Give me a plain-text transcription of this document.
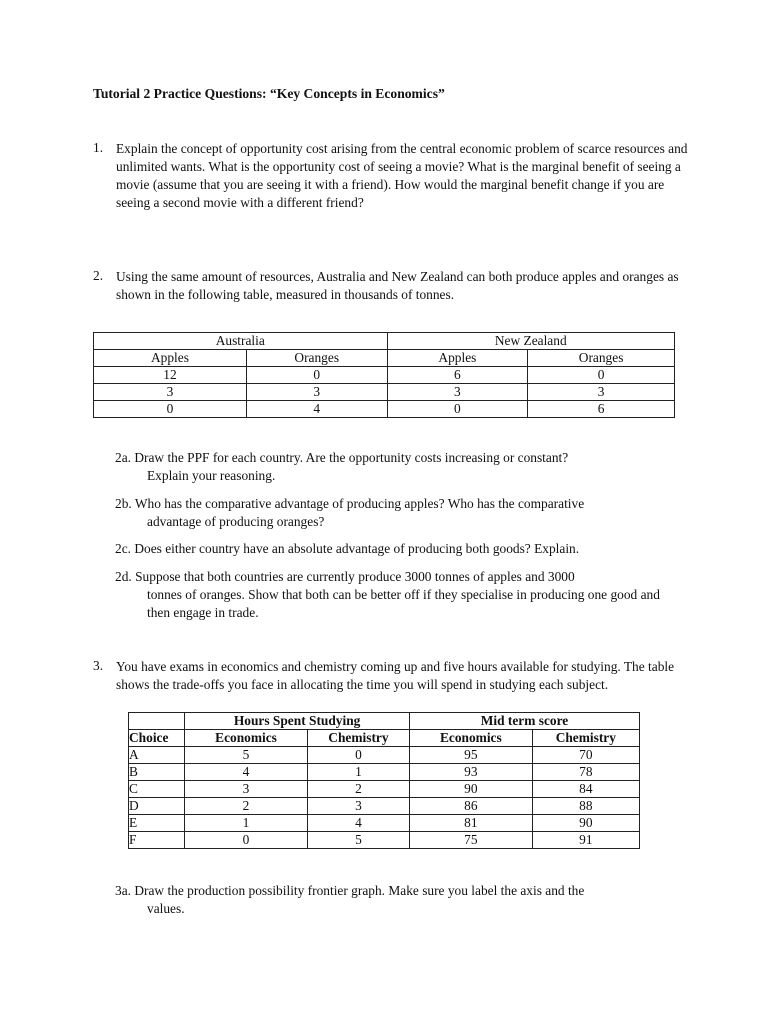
Tutorial 2 Practice Questions: “Key Concepts in Economics”
1. Explain the concept of opportunity cost arising from the central economic problem of scarce resources and unlimited wants. What is the opportunity cost of seeing a movie? What is the marginal benefit of seeing a movie (assume that you are seeing it with a friend). How would the marginal benefit change if you are seeing a second movie with a different friend?
2. Using the same amount of resources, Australia and New Zealand can both produce apples and oranges as shown in the following table, measured in thousands of tonnes.
Australia		New Zealand	
Apples	Oranges	Apples	Oranges
12	0	6	0
3	3	3	3
0	4	0	6
2a. Draw the PPF for each country. Are the opportunity costs increasing or constant?
Explain your reasoning.
2b. Who has the comparative advantage of producing apples? Who has the comparative
advantage of producing oranges?
2c. Does either country have an absolute advantage of producing both goods? Explain.
2d. Suppose that both countries are currently produce 3000 tonnes of apples and 3000
tonnes of oranges. Show that both can be better off if they specialise in producing one good and then engage in trade.
3. You have exams in economics and chemistry coming up and five hours available for studying. The table shows the trade-offs you face in allocating the time you will spend in studying each subject.
	Hours Spent Studying		Mid term score	
Choice	Economics	Chemistry	Economics	Chemistry
A	5	0	95	70
B	4	1	93	78
C	3	2	90	84
D	2	3	86	88
E	1	4	81	90
F	0	5	75	91
3a. Draw the production possibility frontier graph. Make sure you label the axis and the
values.
